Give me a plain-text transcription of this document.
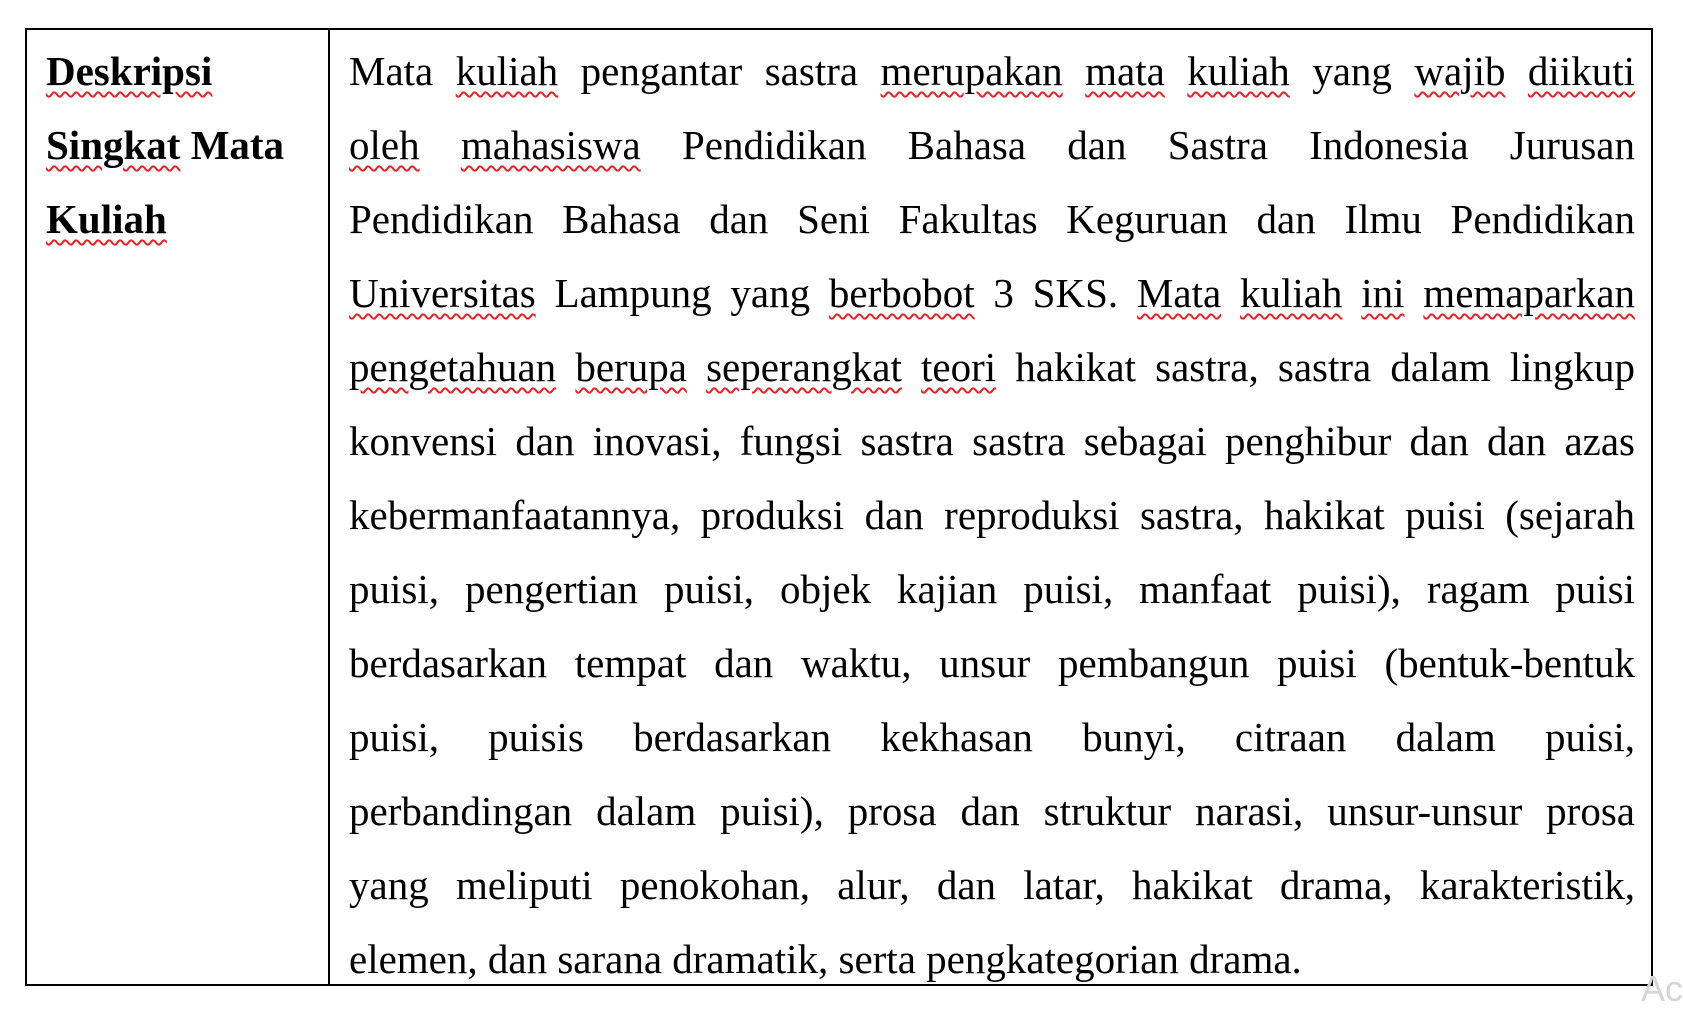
Deskripsi
Singkat Mata
Kuliah
Mata kuliah pengantar sastra merupakan mata kuliah yang wajib diikuti
oleh mahasiswa Pendidikan Bahasa dan Sastra Indonesia Jurusan
Pendidikan Bahasa dan Seni Fakultas Keguruan dan Ilmu Pendidikan
Universitas Lampung yang berbobot 3 SKS. Mata kuliah ini memaparkan
pengetahuan berupa seperangkat teori hakikat sastra, sastra dalam lingkup
konvensi dan inovasi, fungsi sastra sastra sebagai penghibur dan dan azas
kebermanfaatannya, produksi dan reproduksi sastra, hakikat puisi (sejarah
puisi, pengertian puisi, objek kajian puisi, manfaat puisi), ragam puisi
berdasarkan tempat dan waktu, unsur pembangun puisi (bentuk-bentuk
puisi, puisis berdasarkan kekhasan bunyi, citraan dalam puisi,
perbandingan dalam puisi), prosa dan struktur narasi, unsur-unsur prosa
yang meliputi penokohan, alur, dan latar, hakikat drama, karakteristik,
elemen, dan sarana dramatik, serta pengkategorian drama.
Ac
